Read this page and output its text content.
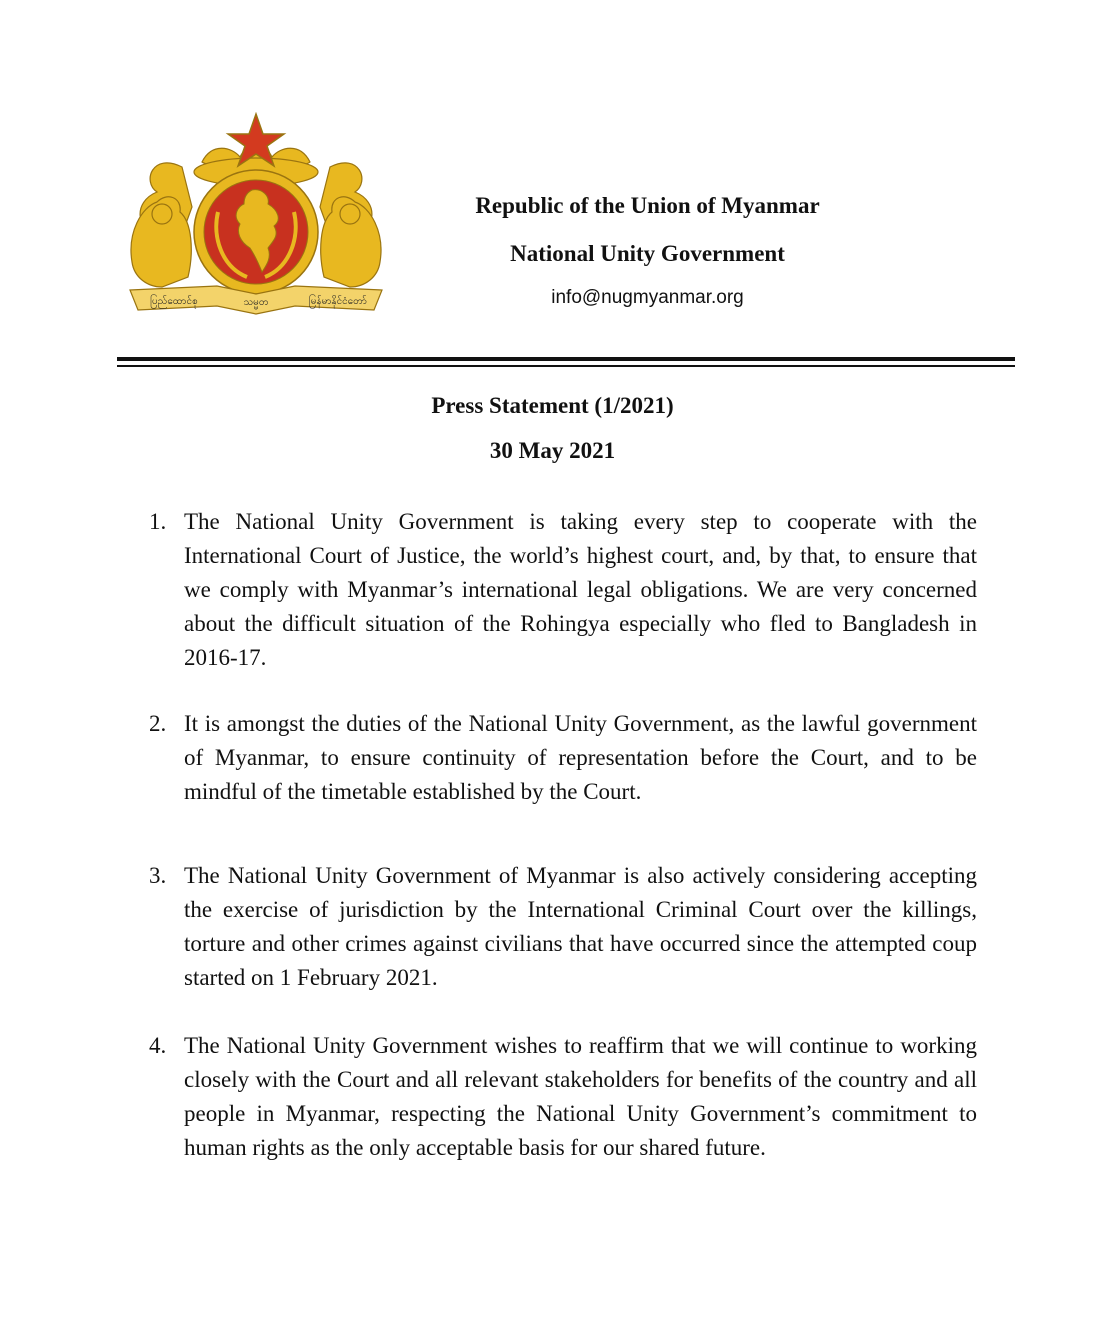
ပြည်ထောင်စု	သမ္မတ	မြန်မာနိုင်ငံတော်
Republic of the Union of Myanmar
National Unity Government
info@nugmyanmar.org
Press Statement (1/2021)
30 May 2021
1. The National Unity Government is taking every step to cooperate with the International Court of Justice, the world’s highest court, and, by that, to ensure that we comply with Myanmar’s international legal obligations. We are very concerned about the difficult situation of the Rohingya especially who fled to Bangladesh in 2016-17.
2. It is amongst the duties of the National Unity Government, as the lawful government of Myanmar, to ensure continuity of representation before the Court, and to be mindful of the timetable established by the Court.
3. The National Unity Government of Myanmar is also actively considering accepting the exercise of jurisdiction by the International Criminal Court over the killings, torture and other crimes against civilians that have occurred since the attempted coup started on 1 February 2021.
4. The National Unity Government wishes to reaffirm that we will continue to working closely with the Court and all relevant stakeholders for benefits of the country and all people in Myanmar, respecting the National Unity Government’s commitment to human rights as the only acceptable basis for our shared future.
